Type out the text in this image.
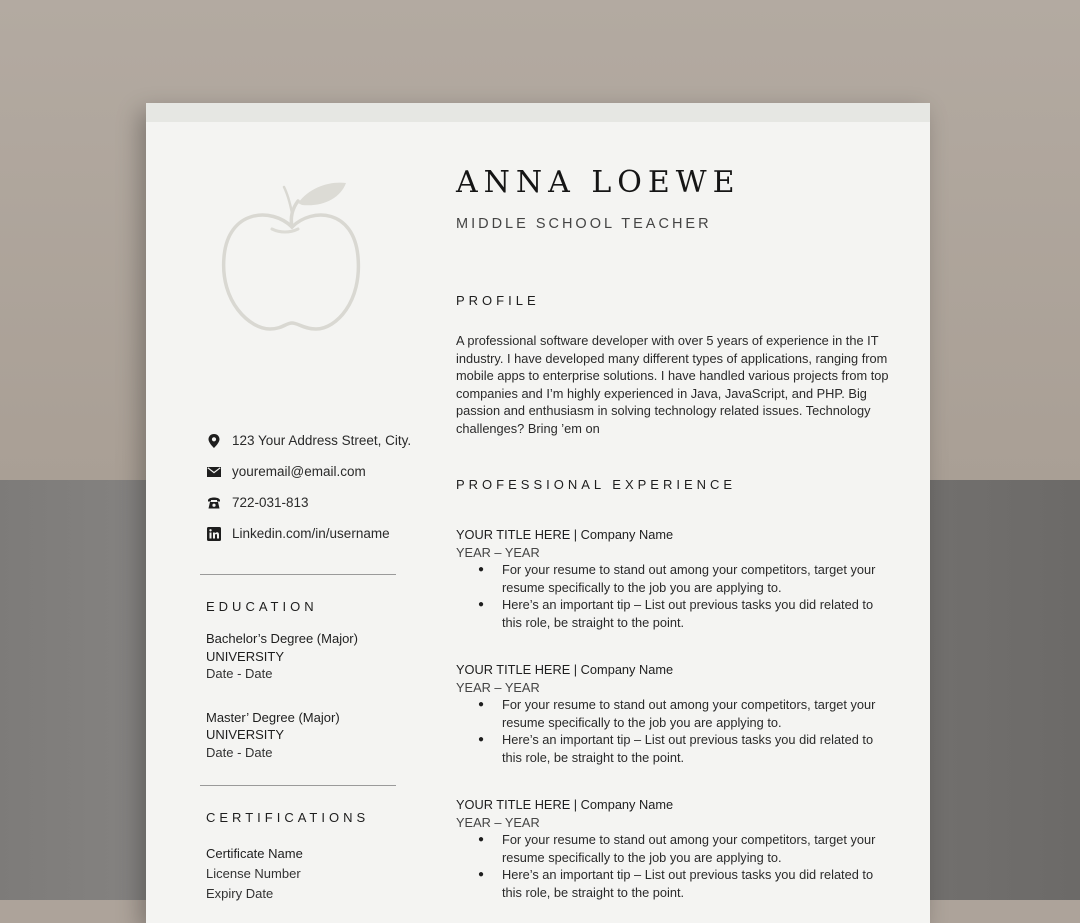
123 Your Address Street, City.
youremail@email.com
722-031-813
Linkedin.com/in/username
EDUCATION
Bachelor’s Degree (Major)
UNIVERSITY
Date - Date
Master’ Degree (Major)
UNIVERSITY
Date - Date
CERTIFICATIONS
Certificate Name
License Number
Expiry Date
ANNA LOEWE
MIDDLE SCHOOL TEACHER
PROFILE
A professional software developer with over 5 years of experience in the IT industry. I have developed many different types of applications, ranging from mobile apps to enterprise solutions. I have handled various projects from top companies and I’m highly experienced in Java, JavaScript, and PHP. Big passion and enthusiasm in solving technology related issues. Technology challenges? Bring ’em on
PROFESSIONAL EXPERIENCE
YOUR TITLE HERE | Company Name
YEAR – YEAR
● For your resume to stand out among your competitors, target your resume specifically to the job you are applying to.
● Here’s an important tip – List out previous tasks you did related to this role, be straight to the point.
YOUR TITLE HERE | Company Name
YEAR – YEAR
● For your resume to stand out among your competitors, target your resume specifically to the job you are applying to.
● Here’s an important tip – List out previous tasks you did related to this role, be straight to the point.
YOUR TITLE HERE | Company Name
YEAR – YEAR
● For your resume to stand out among your competitors, target your resume specifically to the job you are applying to.
● Here’s an important tip – List out previous tasks you did related to this role, be straight to the point.
